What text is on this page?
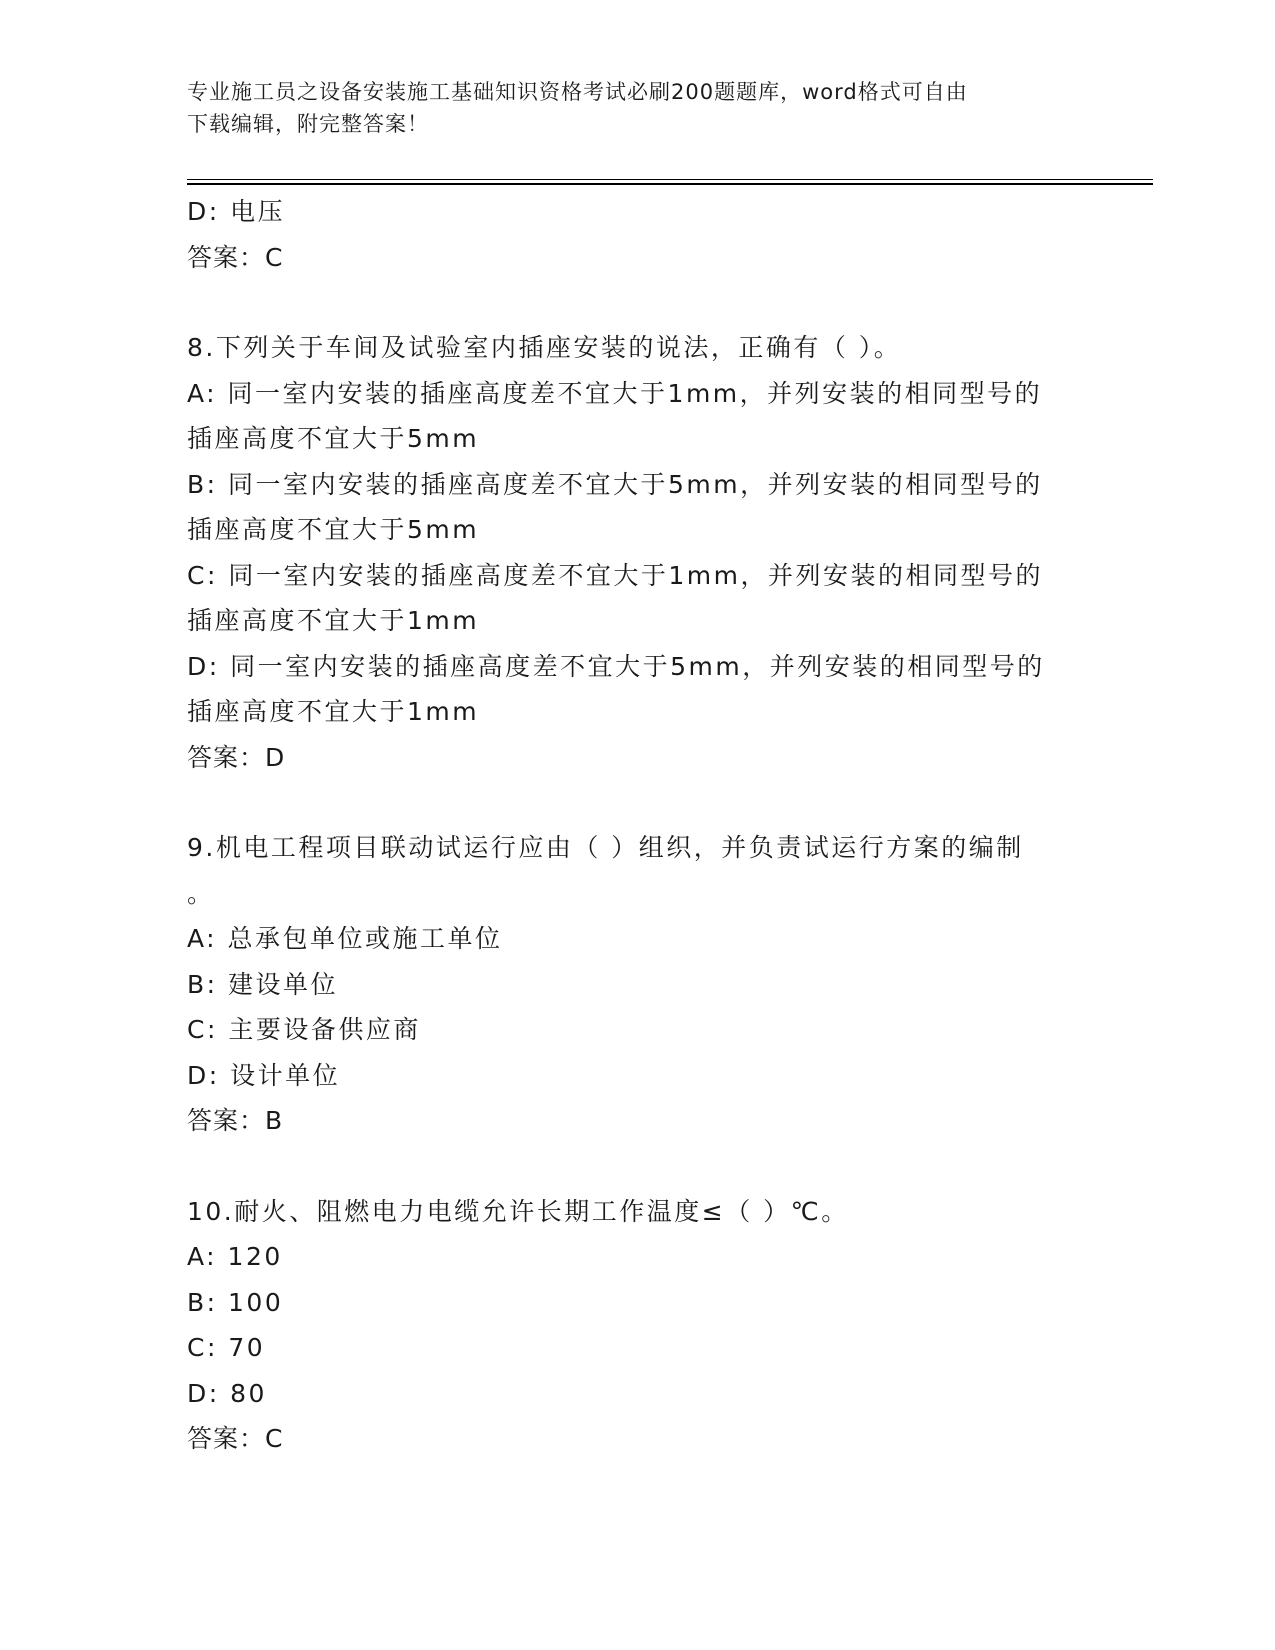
专业施工员之设备安装施工基础知识资格考试必刷200题题库，word格式可自由
下载编辑，附完整答案！
D: 电压
答案：C
8.下列关于车间及试验室内插座安装的说法，正确有（ ）。
A: 同一室内安装的插座高度差不宜大于1mm，并列安装的相同型号的
插座高度不宜大于5mm
B: 同一室内安装的插座高度差不宜大于5mm，并列安装的相同型号的
插座高度不宜大于5mm
C: 同一室内安装的插座高度差不宜大于1mm，并列安装的相同型号的
插座高度不宜大于1mm
D: 同一室内安装的插座高度差不宜大于5mm，并列安装的相同型号的
插座高度不宜大于1mm
答案：D
9.机电工程项目联动试运行应由（ ）组织，并负责试运行方案的编制
。
A: 总承包单位或施工单位
B: 建设单位
C: 主要设备供应商
D: 设计单位
答案：B
10.耐火、阻燃电力电缆允许长期工作温度≤（ ）℃。
A: 120
B: 100
C: 70
D: 80
答案：C
